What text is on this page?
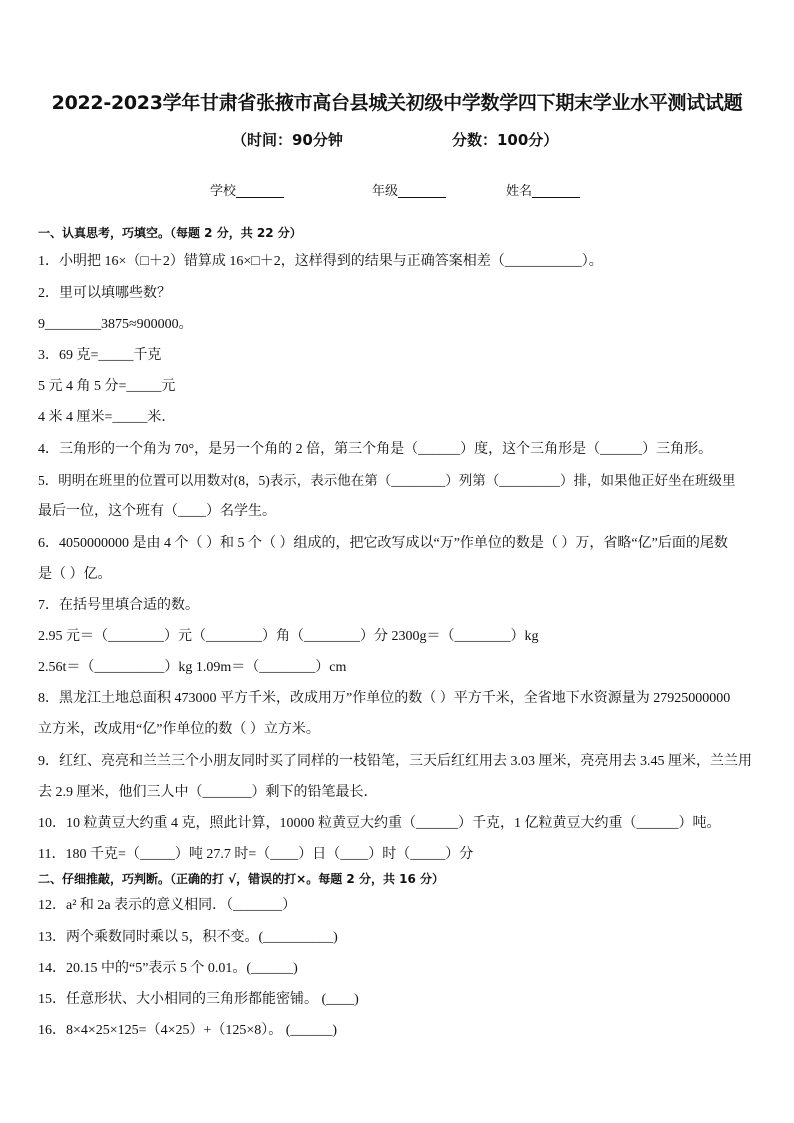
2022-2023学年甘肃省张掖市高台县城关初级中学数学四下期末学业水平测试试题
（时间：90分钟	分数：100分）
学校	年级	姓名
一、认真思考，巧填空。（每题 2 分，共 22 分）
1．小明把 16×（□＋2）错算成 16×□＋2，这样得到的结果与正确答案相差（___________）。
2．里可以填哪些数？
9________3875≈900000。
3．69 克=_____千克
5 元 4 角 5 分=_____元
4 米 4 厘米=_____米．
4．三角形的一个角为 70°，是另一个角的 2 倍，第三个角是（______）度，这个三角形是（______）三角形。
5．明明在班里的位置可以用数对(8，5)表示，表示他在第（________）列第（_________）排，如果他正好坐在班级里
最后一位，这个班有（____）名学生。
6．4050000000 是由 4 个（ ）和 5 个（ ）组成的，把它改写成以“万”作单位的数是（ ）万，省略“亿”后面的尾数
是（ ）亿。
7．在括号里填合适的数。
2.95 元＝（________）元（________）角（________）分 2300g＝（________）kg
2.56t＝（__________）kg 1.09m＝（________）cm
8．黑龙江土地总面积 473000 平方千米，改成用万”作单位的数（ ）平方千米，全省地下水资源量为 27925000000
立方米，改成用“亿”作单位的数（ ）立方米。
9．红红、亮亮和兰兰三个小朋友同时买了同样的一枝铅笔，三天后红红用去 3.03 厘米，亮亮用去 3.45 厘米，兰兰用
去 2.9 厘米，他们三人中（_______）剩下的铅笔最长．
10．10 粒黄豆大约重 4 克，照此计算，10000 粒黄豆大约重（______）千克，1 亿粒黄豆大约重（______）吨。
11．180 千克=（_____）吨 27.7 时=（____）日（____）时（_____）分
二、仔细推敲，巧判断。（正确的打 √，错误的打×。每题 2 分，共 16 分）
12．a² 和 2a 表示的意义相同．（_______）
13．两个乘数同时乘以 5，积不变。(__________)
14．20.15 中的“5”表示 5 个 0.01。(______)
15．任意形状、大小相同的三角形都能密铺。 (____)
16．8×4×25×125=（4×25）+（125×8）。 (______)
